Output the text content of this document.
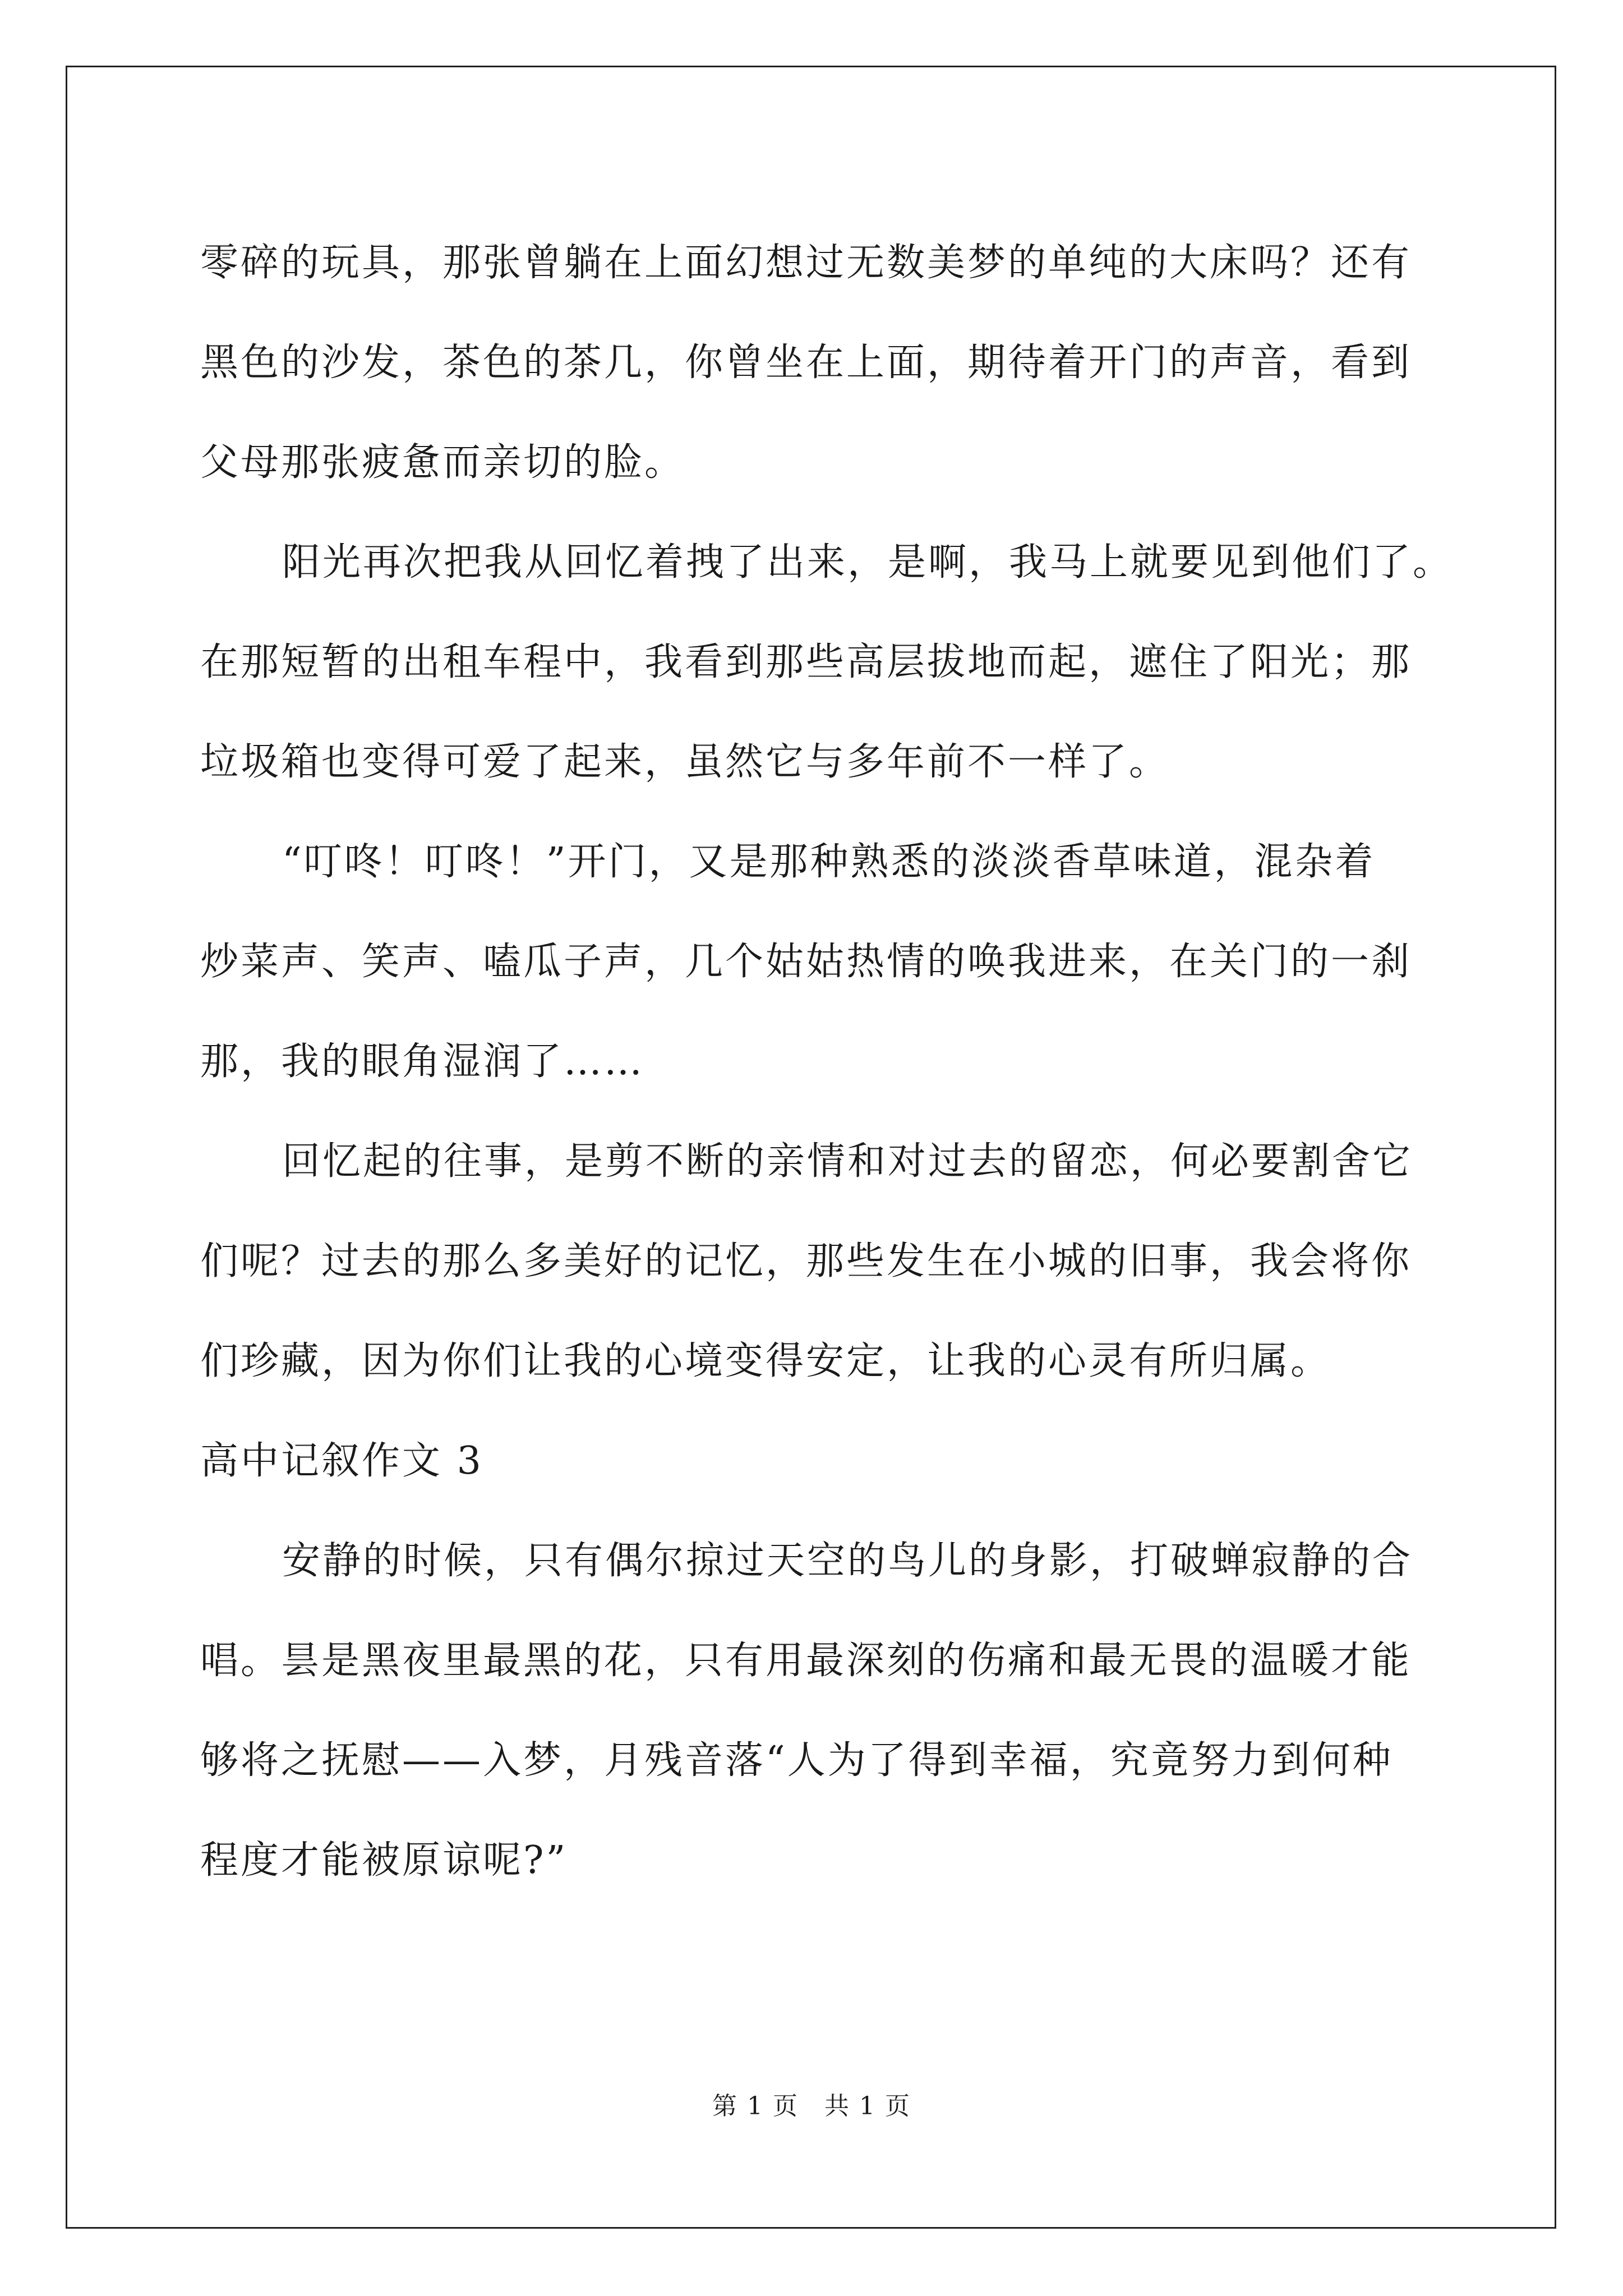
零碎的玩具，那张曾躺在上面幻想过无数美梦的单纯的大床吗？还有
黑色的沙发，茶色的茶几，你曾坐在上面，期待着开门的声音，看到
父母那张疲惫而亲切的脸。
阳光再次把我从回忆着拽了出来，是啊，我马上就要见到他们了。
在那短暂的出租车程中，我看到那些高层拔地而起，遮住了阳光；那
垃圾箱也变得可爱了起来，虽然它与多年前不一样了。
“叮咚！叮咚！”开门，又是那种熟悉的淡淡香草味道，混杂着
炒菜声、笑声、嗑瓜子声，几个姑姑热情的唤我进来，在关门的一刹
那，我的眼角湿润了……
回忆起的往事，是剪不断的亲情和对过去的留恋，何必要割舍它
们呢？过去的那么多美好的记忆，那些发生在小城的旧事，我会将你
们珍藏，因为你们让我的心境变得安定，让我的心灵有所归属。
高中记叙作文 3
安静的时候，只有偶尔掠过天空的鸟儿的身影，打破蝉寂静的合
唱。昙是黑夜里最黑的花，只有用最深刻的伤痛和最无畏的温暖才能
够将之抚慰——入梦，月残音落“人为了得到幸福，究竟努力到何种
程度才能被原谅呢?”
第 1 页　共 1 页
